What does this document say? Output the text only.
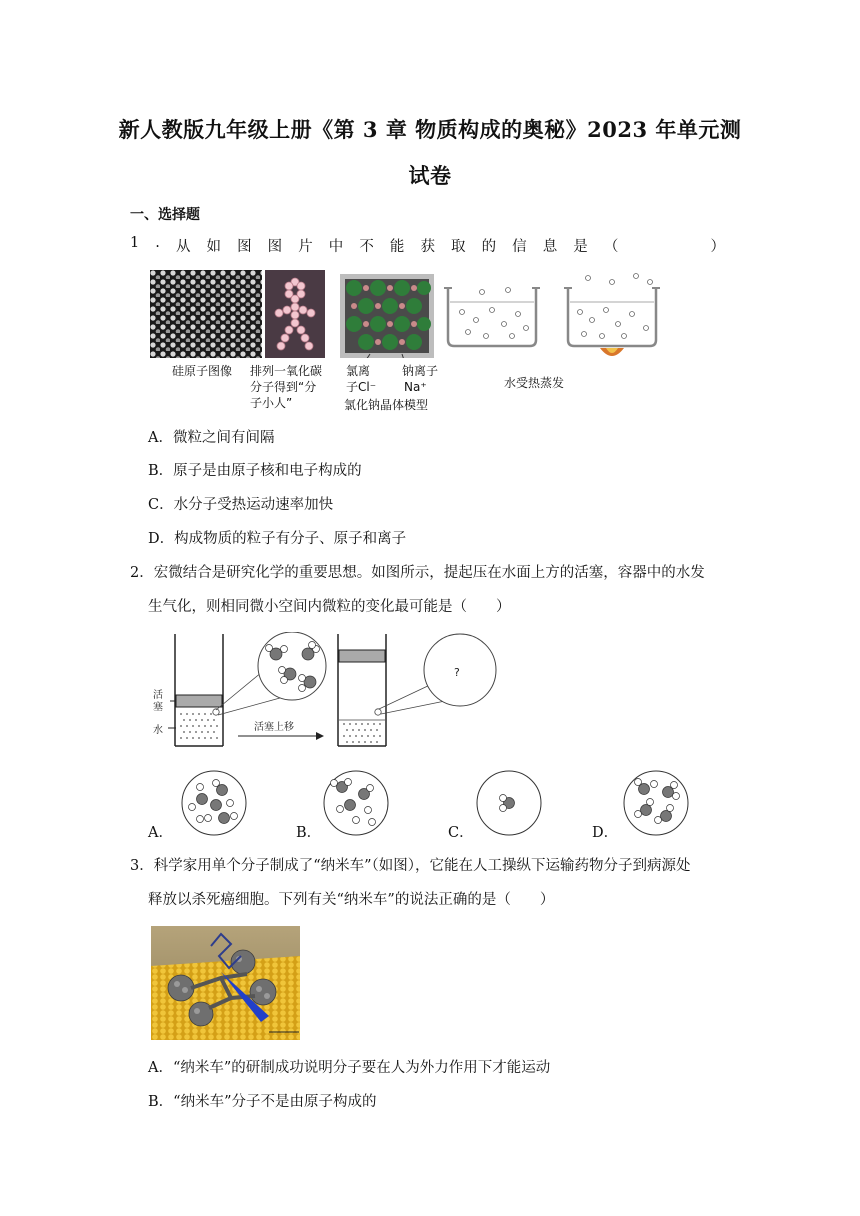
新人教版九年级上册《第 3 章 物质构成的奥秘》2023 年单元测
试卷
一、选择题
1 . 从 如 图 图 片 中 不 能 获 取 的 信 息 是 （	）
硅原子图像 排列一氧化碳
分子得到“分
子小人”
氯离
子Cl⁻
钠离子
Na⁺
氯化钠晶体模型
水受热蒸发
A．微粒之间有间隔
B．原子是由原子核和电子构成的
C．水分子受热运动速率加快
D．构成物质的粒子有分子、原子和离子
2．宏微结合是研究化学的重要思想。如图所示，提起压在水面上方的活塞，容器中的水发
生气化，则相同微小空间内微粒的变化最可能是（　　）
活
塞
水	活塞上移
?
A．	B．	C．	D．
3．科学家用单个分子制成了“纳米车”（如图），它能在人工操纵下运输药物分子到病源处
释放以杀死癌细胞。下列有关“纳米车”的说法正确的是（　　）
A．“纳米车”的研制成功说明分子要在人为外力作用下才能运动
B．“纳米车”分子不是由原子构成的
